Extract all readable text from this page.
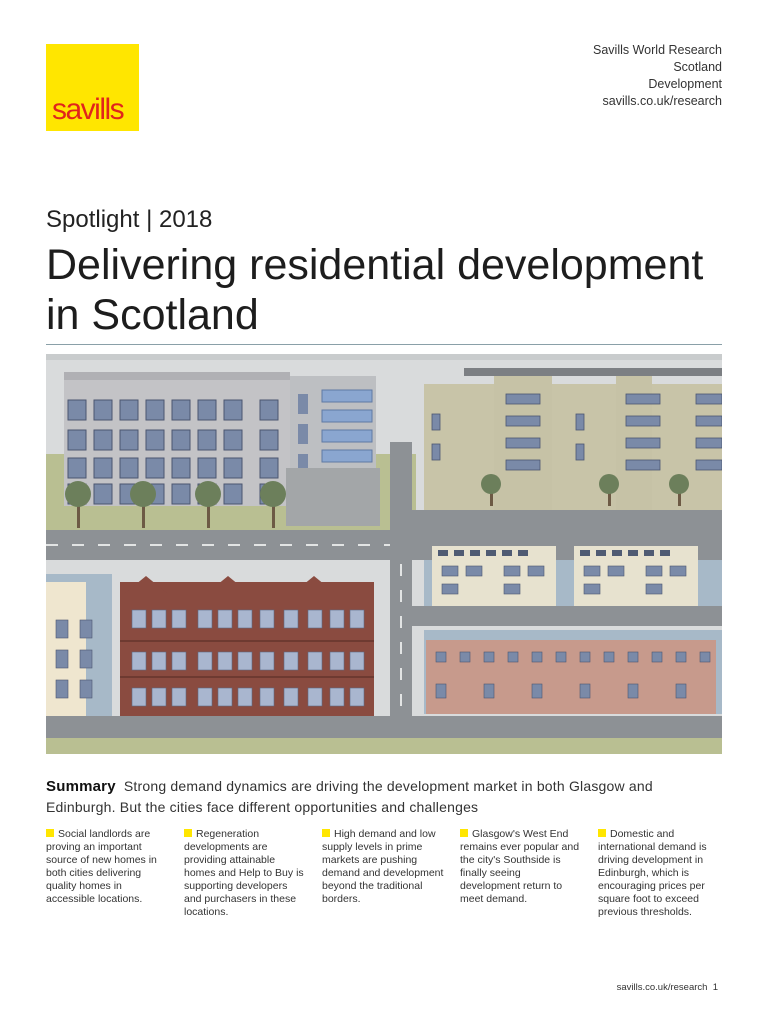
savills
Savills World Research
Scotland
Development
savills.co.uk/research
Spotlight | 2018
Delivering residential development in Scotland
Summary Strong demand dynamics are driving the development market in both Glasgow and Edinburgh. But the cities face different opportunities and challenges
Social landlords are proving an important source of new homes in both cities delivering quality homes in accessible locations.
Regeneration developments are providing attainable homes and Help to Buy is supporting developers and purchasers in these locations.
High demand and low supply levels in prime markets are pushing demand and development beyond the traditional borders.
Glasgow's West End remains ever popular and the city's Southside is finally seeing development return to meet demand.
Domestic and international demand is driving development in Edinburgh, which is encouraging prices per square foot to exceed previous thresholds.
savills.co.uk/research 1
